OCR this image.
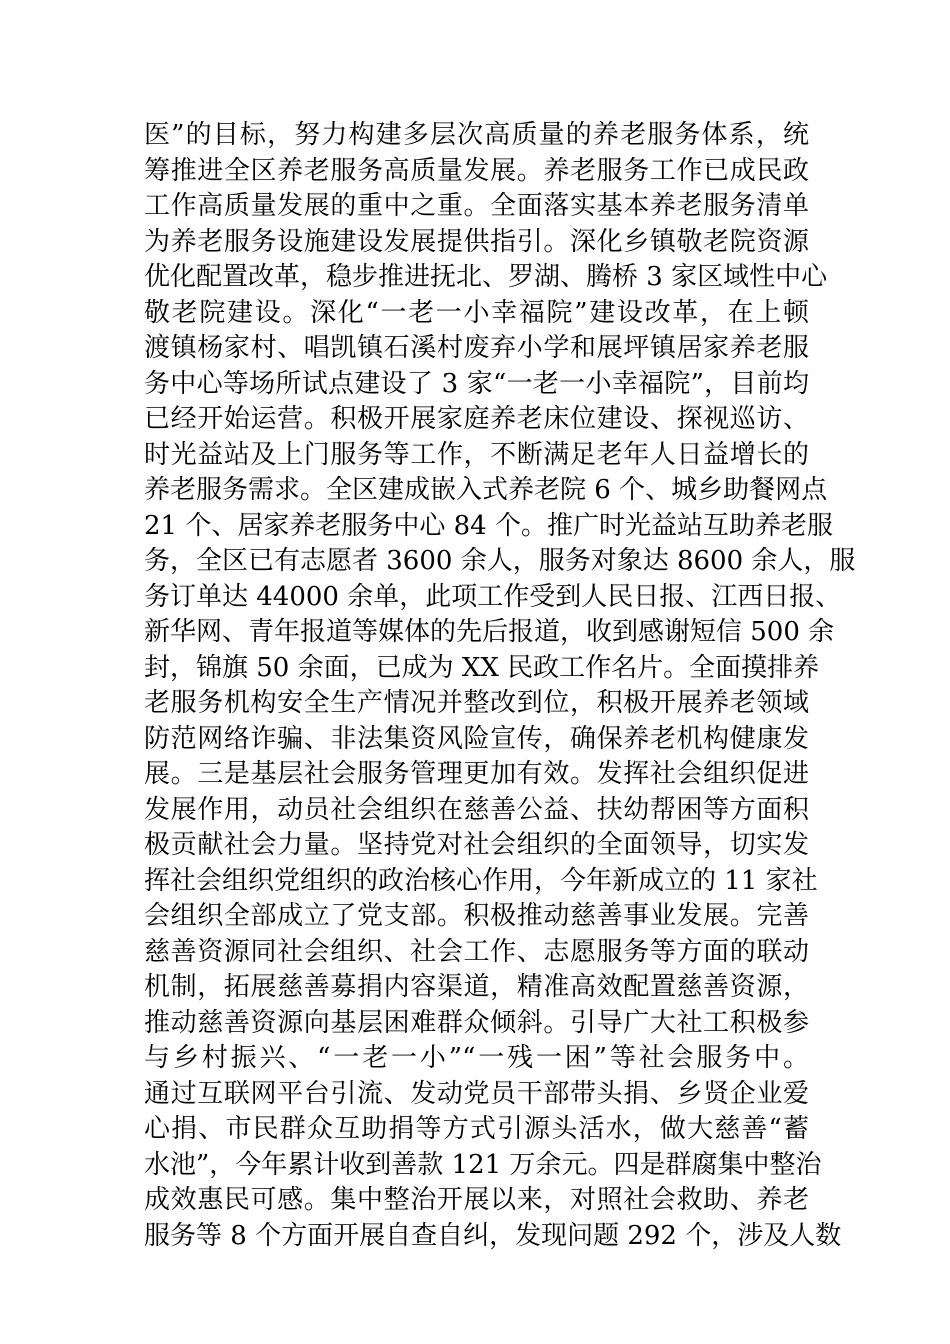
医”的目标，努力构建多层次高质量的养老服务体系，统
筹推进全区养老服务高质量发展。养老服务工作已成民政
工作高质量发展的重中之重。全面落实基本养老服务清单
为养老服务设施建设发展提供指引。深化乡镇敬老院资源
优化配置改革，稳步推进抚北、罗湖、腾桥 3 家区域性中心
敬老院建设。深化“一老一小幸福院”建设改革，在上顿
渡镇杨家村、唱凯镇石溪村废弃小学和展坪镇居家养老服
务中心等场所试点建设了 3 家“一老一小幸福院”，目前均
已经开始运营。积极开展家庭养老床位建设、探视巡访、
时光益站及上门服务等工作，不断满足老年人日益增长的
养老服务需求。全区建成嵌入式养老院 6 个、城乡助餐网点
21 个、居家养老服务中心 84 个。推广时光益站互助养老服
务，全区已有志愿者 3600 余人，服务对象达 8600 余人，服
务订单达 44000 余单，此项工作受到人民日报、江西日报、
新华网、青年报道等媒体的先后报道，收到感谢短信 500 余
封，锦旗 50 余面，已成为 XX 民政工作名片。全面摸排养
老服务机构安全生产情况并整改到位，积极开展养老领域
防范网络诈骗、非法集资风险宣传，确保养老机构健康发
展。三是基层社会服务管理更加有效。发挥社会组织促进
发展作用，动员社会组织在慈善公益、扶幼帮困等方面积
极贡献社会力量。坚持党对社会组织的全面领导，切实发
挥社会组织党组织的政治核心作用，今年新成立的 11 家社
会组织全部成立了党支部。积极推动慈善事业发展。完善
慈善资源同社会组织、社会工作、志愿服务等方面的联动
机制，拓展慈善募捐内容渠道，精准高效配置慈善资源，
推动慈善资源向基层困难群众倾斜。引导广大社工积极参
与乡村振兴、“一老一小”“一残一困”等社会服务中。
通过互联网平台引流、发动党员干部带头捐、乡贤企业爱
心捐、市民群众互助捐等方式引源头活水，做大慈善“蓄
水池”，今年累计收到善款 121 万余元。四是群腐集中整治
成效惠民可感。集中整治开展以来，对照社会救助、养老
服务等 8 个方面开展自查自纠，发现问题 292 个，涉及人数
